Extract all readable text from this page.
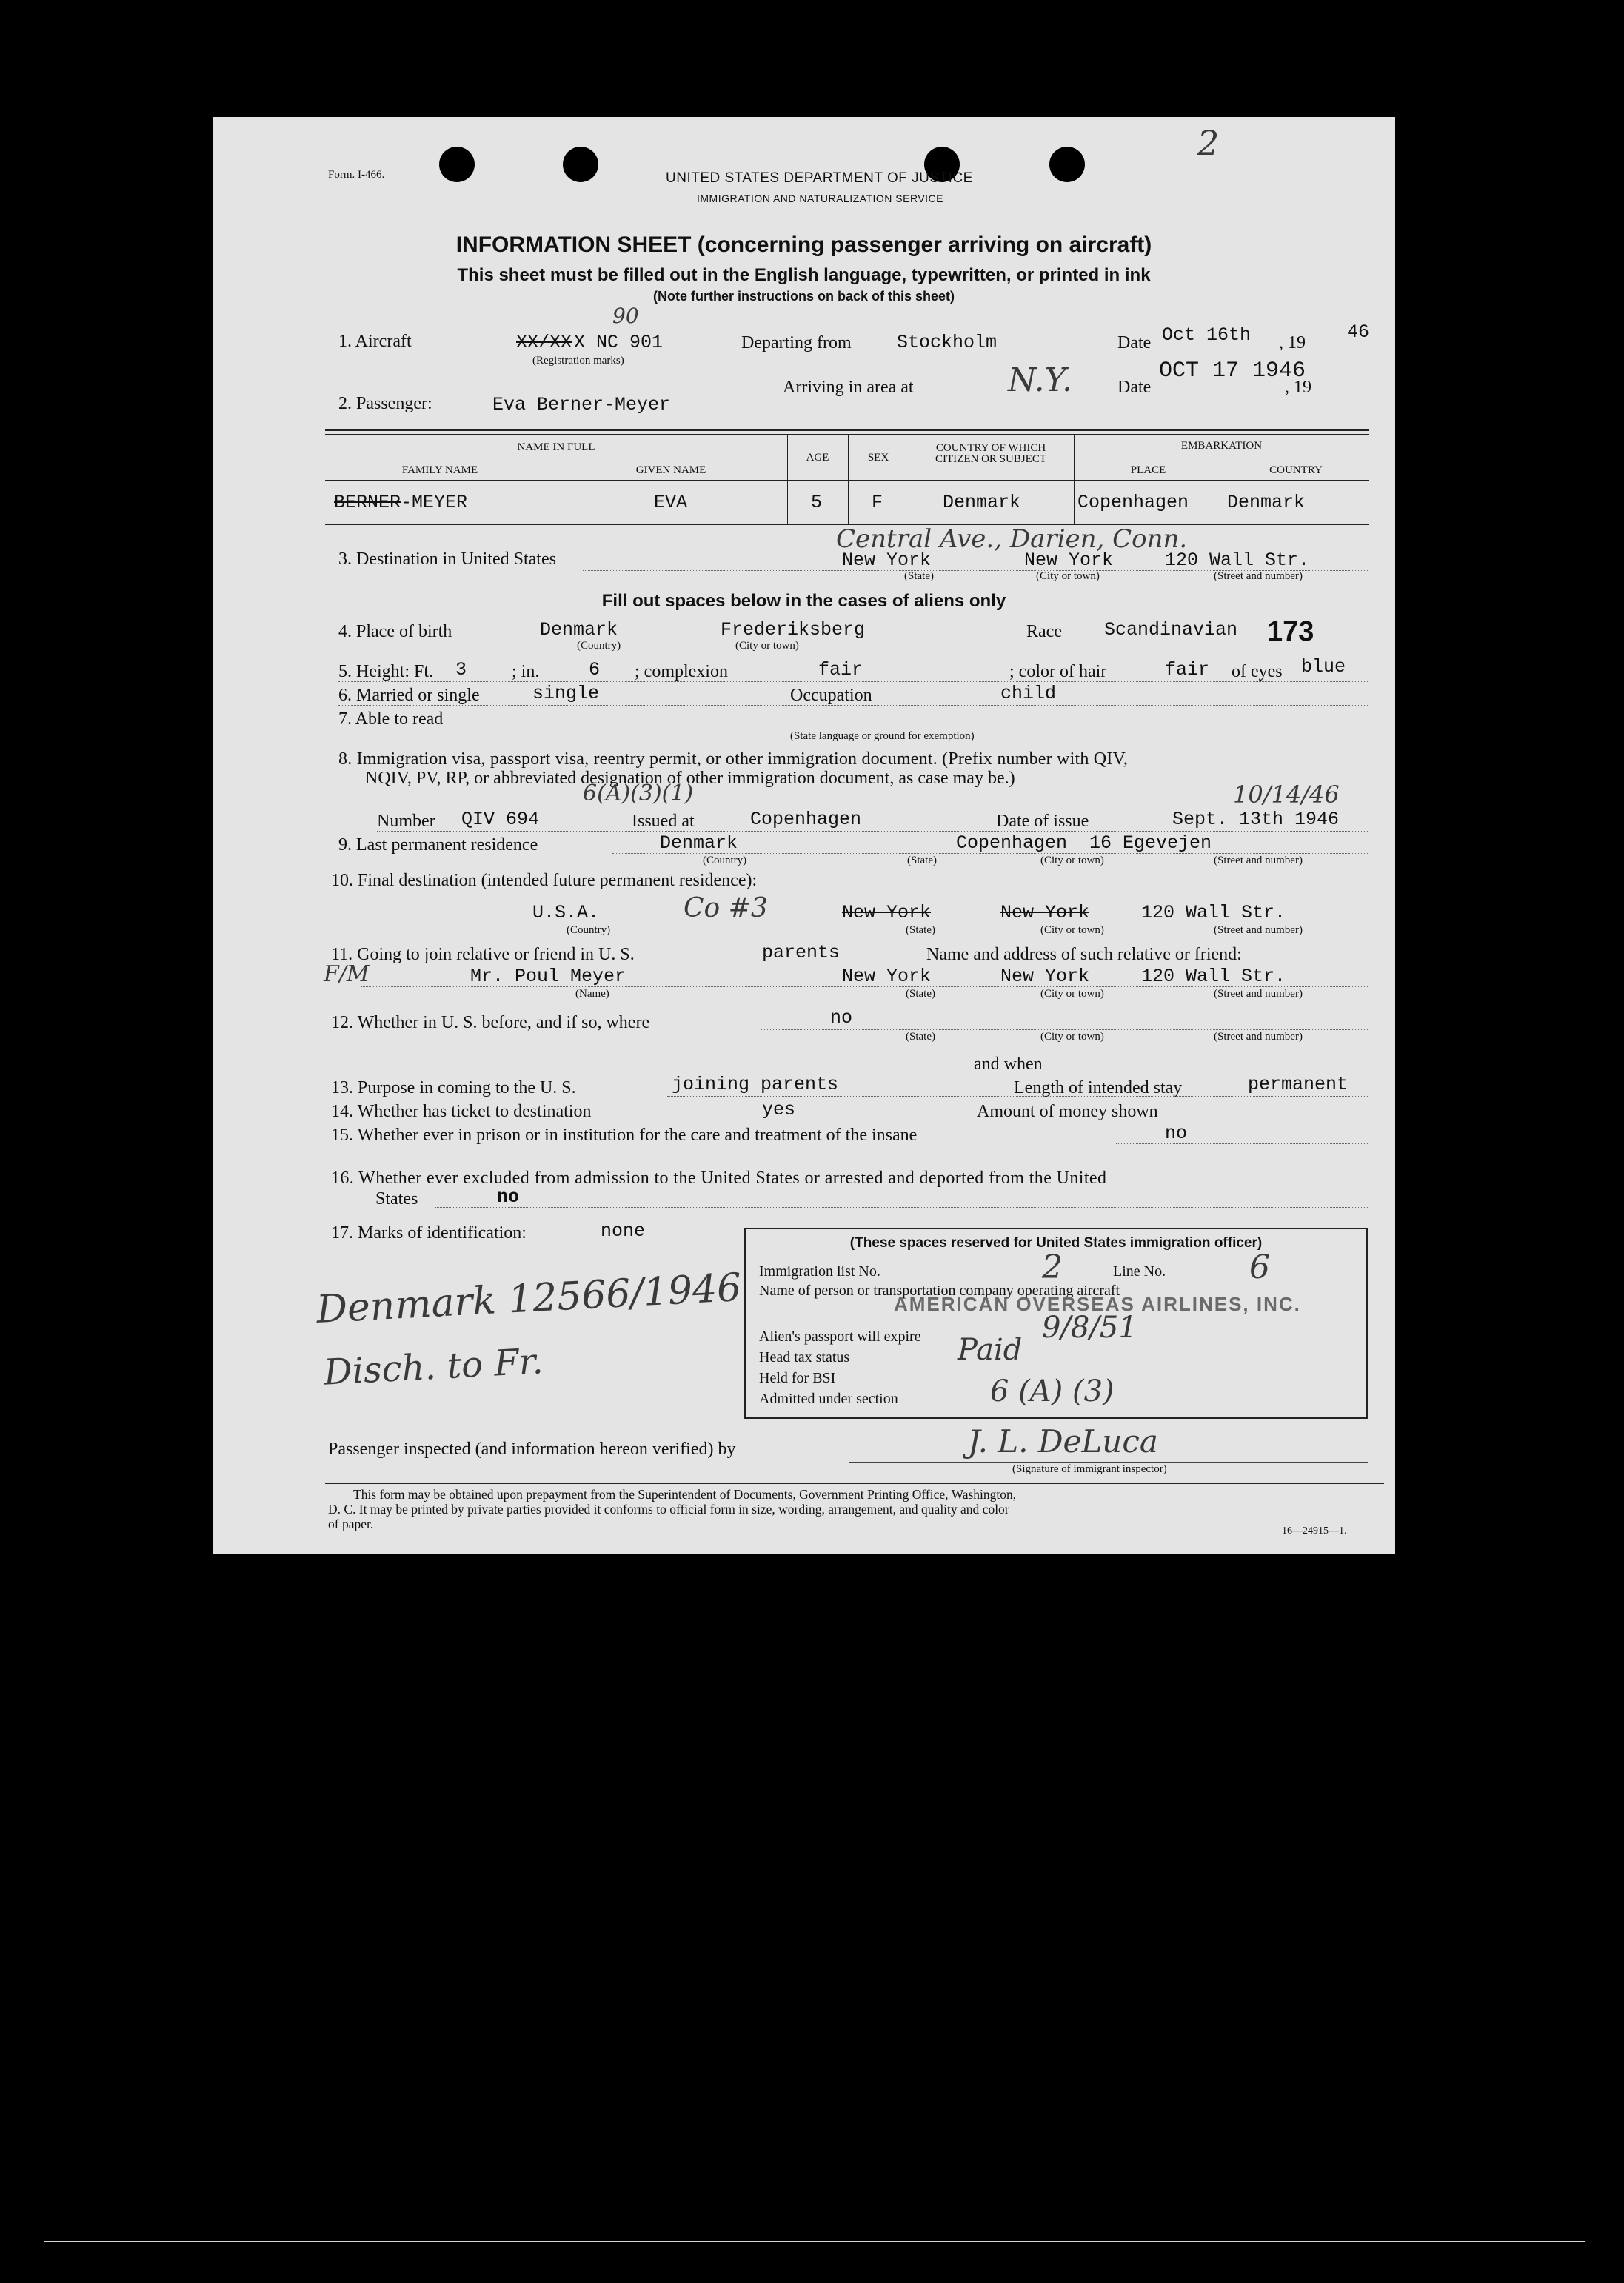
Form. I-466.	UNITED STATES DEPARTMENT OF JUSTICE
IMMIGRATION AND NATURALIZATION SERVICE
2
INFORMATION SHEET (concerning passenger arriving on aircraft)
This sheet must be filled out in the English language, typewritten, or printed in ink
(Note further instructions on back of this sheet)
1. Aircraft	XX/XX X NC 901
90
(Registration marks)
Departing from Stockholm	Date Oct 16th , 19 46
2. Passenger:	Eva Berner-Meyer
Arriving in area at	N.Y.	Date
OCT 17 1946
, 19
NAME IN FULL
FAMILY NAME	GIVEN NAME
AGE	SEX
COUNTRY OF WHICH CITIZEN OR SUBJECT
EMBARKATION
PLACE	COUNTRY
BERNER -MEYER	EVA	5	F	Denmark	Copenhagen Denmark
Central Ave., Darien, Conn.
3. Destination in United States	New York	New York	120 Wall Str.
(State)	(City or town)	(Street and number)
Fill out spaces below in the cases of aliens only
4. Place of birth	Denmark	Frederiksberg
(Country)	(City or town)
Race Scandinavian 173
5. Height: Ft. 3	; in.	6 ; complexion	fair	; color of hair	fair of eyes blue
6. Married or single	single	Occupation	child
7. Able to read
(State language or ground for exemption)
8. Immigration visa, passport visa, reentry permit, or other immigration document. (Prefix number with QIV,
NQIV, PV, RP, or abbreviated designation of other immigration document, as case may be.)
6(A)(3)(1)	10/14/46
Number QIV 694	Issued at	Copenhagen	Date of issue	Sept. 13th 1946
9. Last permanent residence	Denmark	Copenhagen 16 Egevejen
(Country)	(State)	(City or town)	(Street and number)
10. Final destination (intended future permanent residence):
U.S.A.	Co #3	New York	New York	120 Wall Str.
(Country)	(State)	(City or town)	(Street and number)
11. Going to join relative or friend in U. S.	parents	Name and address of such relative or friend:
F/M	Mr. Poul Meyer	New York	New York	120 Wall Str.
(Name)	(State)	(City or town)	(Street and number)
12. Whether in U. S. before, and if so, where	no
(State)	(City or town)	(Street and number)
and when
13. Purpose in coming to the U. S.	joining parents	Length of intended stay	permanent
14. Whether has ticket to destination	yes	Amount of money shown
15. Whether ever in prison or in institution for the care and treatment of the insane	no
16. Whether ever excluded from admission to the United States or arrested and deported from the United
States	no
17. Marks of identification:	none
Denmark 12566/1946
Disch. to Fr.
(These spaces reserved for United States immigration officer)
Immigration list No.	2	Line No.	6
Name of person or transportation company operating aircraft
AMERICAN OVERSEAS AIRLINES, INC.
Alien's passport will expire	9/8/51
Head tax status	Paid
Held for BSI
Admitted under section	6 (A) (3)
Passenger inspected (and information hereon verified) by	J. L. DeLuca
(Signature of immigrant inspector)
This form may be obtained upon prepayment from the Superintendent of Documents, Government Printing Office, Washington,
D. C. It may be printed by private parties provided it conforms to official form in size, wording, arrangement, and quality and color
of paper.	16—24915—1.
